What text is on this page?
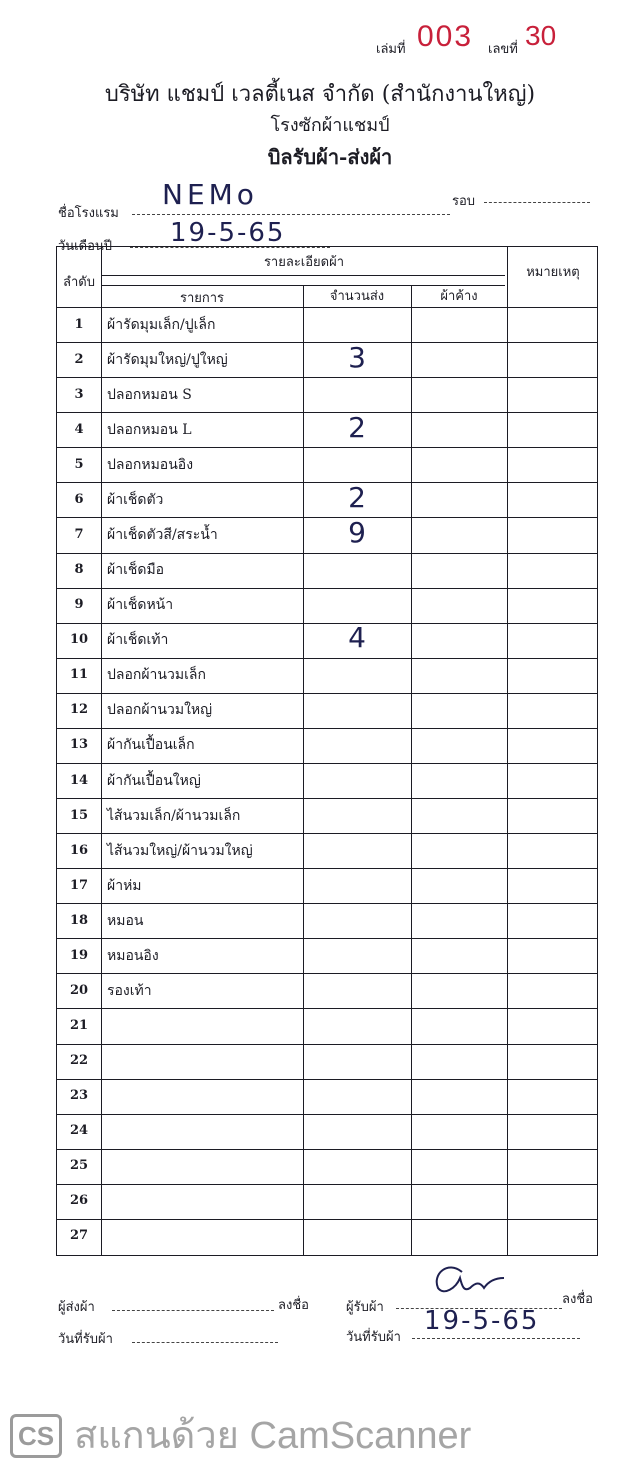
เล่มที่ 003 เลขที่ 30
บริษัท แชมป์ เวลตี้เนส จำกัด (สำนักงานใหญ่)
โรงซักผ้าแชมป์
บิลรับผ้า-ส่งผ้า
ชื่อโรงแรม
NEMo	รอบ
วันเดือนปี 19-5-65
ลำดับ
รายละเอียดผ้า
รายการ	จำนวนส่ง	ผ้าค้าง
หมายเหตุ
1	ผ้ารัดมุมเล็ก/ปูเล็ก
2	ผ้ารัดมุมใหญ่/ปูใหญ่	3
3	ปลอกหมอน S
4	ปลอกหมอน L	2
5	ปลอกหมอนอิง
6	ผ้าเช็ดตัว	2
7	ผ้าเช็ดตัวสี/สระน้ำ	9
8	ผ้าเช็ดมือ
9	ผ้าเช็ดหน้า
10	ผ้าเช็ดเท้า	4
11	ปลอกผ้านวมเล็ก
12	ปลอกผ้านวมใหญ่
13	ผ้ากันเปื้อนเล็ก
14	ผ้ากันเปื้อนใหญ่
15	ไส้นวมเล็ก/ผ้านวมเล็ก
16	ไส้นวมใหญ่/ผ้านวมใหญ่
17	ผ้าห่ม
18	หมอน
19	หมอนอิง
20	รองเท้า
21
22
23
24
25
26
27
ผู้ส่งผ้า	ลงชื่อ
วันที่รับผ้า
ผู้รับผ้า
ลงชื่อ
วันที่รับผ้า
19-5-65
CS สแกนด้วย CamScanner
